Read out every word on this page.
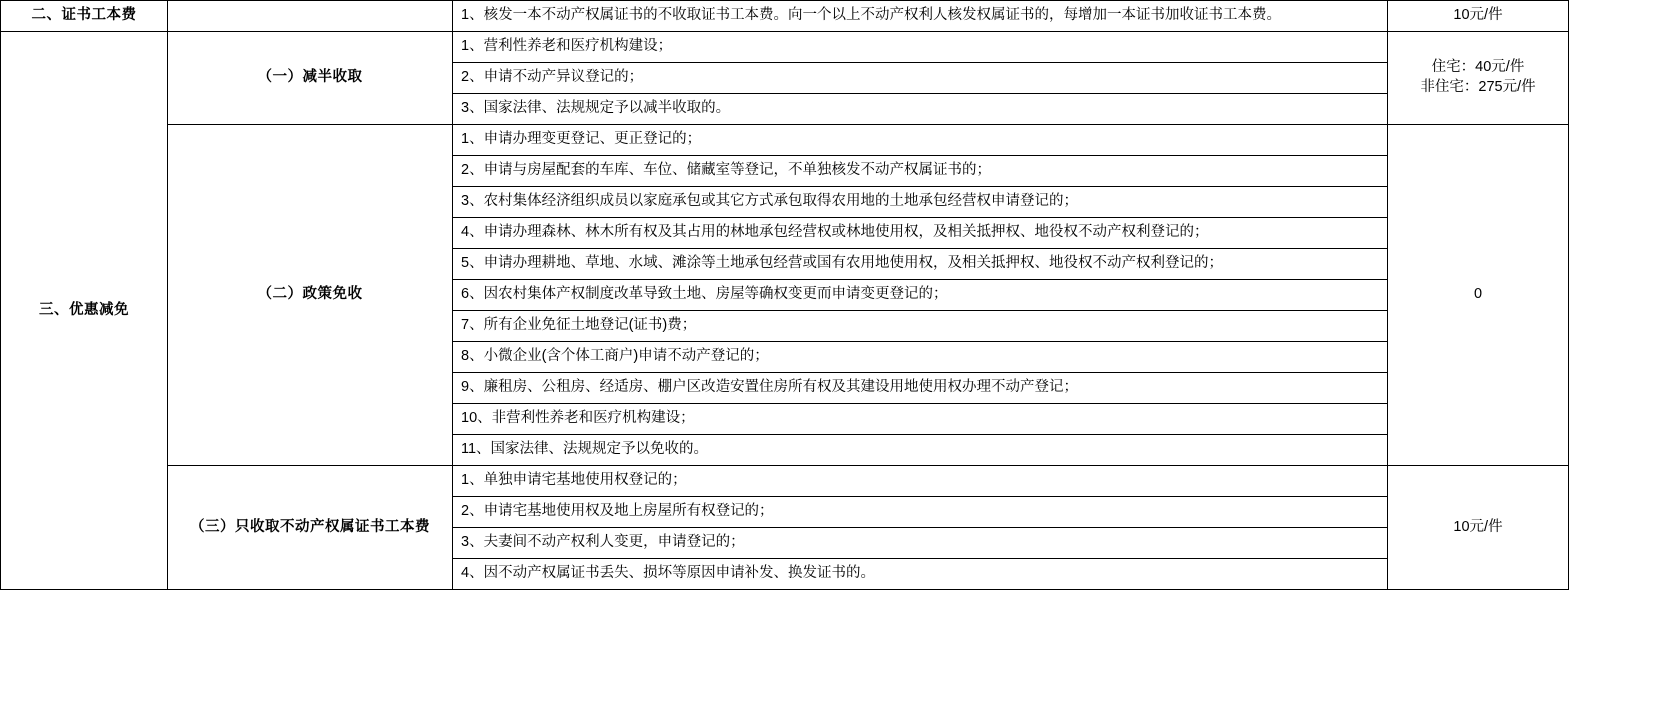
二、证书工本费		1、核发一本不动产权属证书的不收取证书工本费。向一个以上不动产权利人核发权属证书的，每增加一本证书加收证书工本费。	10元/件
三、优惠减免	（一）减半收取	1、营利性养老和医疗机构建设；	住宅：40元/件
非住宅：275元/件

		2、申请不动产异议登记的；	
		3、国家法律、法规规定予以减半收取的。	
	（二）政策免收	1、申请办理变更登记、更正登记的；	0
		2、申请与房屋配套的车库、车位、储藏室等登记，不单独核发不动产权属证书的；	
		3、农村集体经济组织成员以家庭承包或其它方式承包取得农用地的土地承包经营权申请登记的；	
		4、申请办理森林、林木所有权及其占用的林地承包经营权或林地使用权，及相关抵押权、地役权不动产权利登记的；	
		5、申请办理耕地、草地、水域、滩涂等土地承包经营或国有农用地使用权，及相关抵押权、地役权不动产权利登记的；	
		6、因农村集体产权制度改革导致土地、房屋等确权变更而申请变更登记的；	
		7、所有企业免征土地登记(证书)费；	
		8、小微企业(含个体工商户)申请不动产登记的；	
		9、廉租房、公租房、经适房、棚户区改造安置住房所有权及其建设用地使用权办理不动产登记；	
		10、非营利性养老和医疗机构建设；	
		11、国家法律、法规规定予以免收的。	
	（三）只收取不动产权属证书工本费	1、单独申请宅基地使用权登记的；	10元/件
		2、申请宅基地使用权及地上房屋所有权登记的；	
		3、夫妻间不动产权利人变更，申请登记的；	
		4、因不动产权属证书丢失、损坏等原因申请补发、换发证书的。	
